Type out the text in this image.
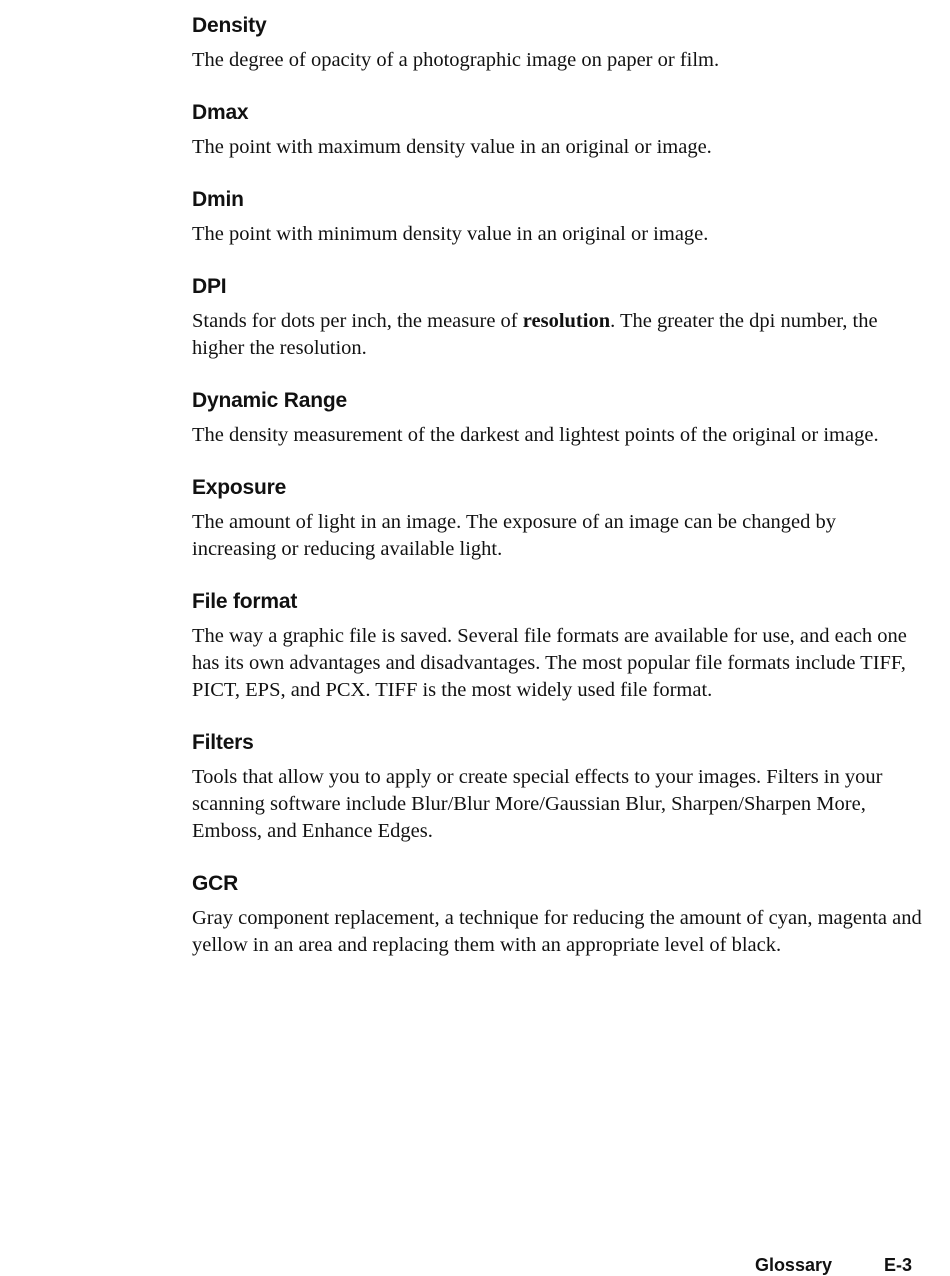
Density

The degree of opacity of a photographic image on paper or film.

Dmax

The point with maximum density value in an original or image.

Dmin

The point with minimum density value in an original or image.

DPI

Stands for dots per inch, the measure of resolution. The greater the dpi number, the higher the resolution.

Dynamic Range

The density measurement of the darkest and lightest points of the original or image.

Exposure

The amount of light in an image. The exposure of an image can be changed by increasing or reducing available light.

File format

The way a graphic file is saved. Several file formats are available for use, and each one has its own advantages and disadvantages. The most popular file formats include TIFF, PICT, EPS, and PCX. TIFF is the most widely used file format.

Filters

Tools that allow you to apply or create special effects to your images. Filters in your scanning software include Blur/Blur More/Gaussian Blur, Sharpen/Sharpen More, Emboss, and Enhance Edges.

GCR

Gray component replacement, a technique for reducing the amount of cyan, magenta and yellow in an area and replacing them with an appropriate level of black.

Glossary	E-3
